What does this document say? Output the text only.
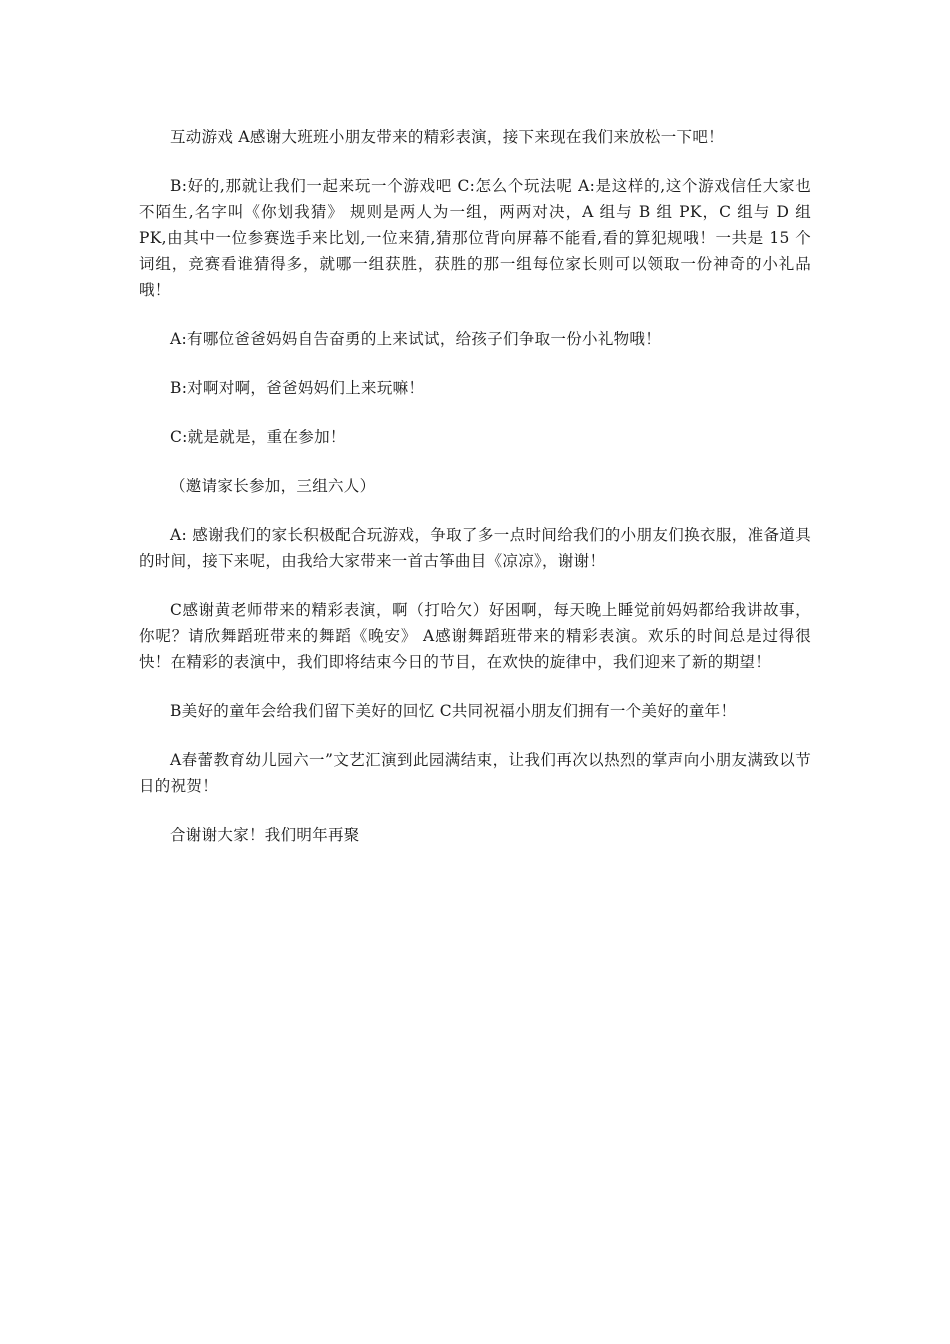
互动游戏 A感谢大班班小朋友带来的精彩表演，接下来现在我们来放松一下吧！

B:好的,那就让我们一起来玩一个游戏吧 C:怎么个玩法呢 A:是这样的,这个游戏信任大家也不陌生,名字叫《你划我猜》 规则是两人为一组，两两对决，A 组与 B 组 PK，C 组与 D 组 PK,由其中一位参赛选手来比划,一位来猜,猜那位背向屏幕不能看,看的算犯规哦！一共是 15 个词组，竞赛看谁猜得多，就哪一组获胜，获胜的那一组每位家长则可以领取一份神奇的小礼品哦！

A:有哪位爸爸妈妈自告奋勇的上来试试，给孩子们争取一份小礼物哦！

B:对啊对啊，爸爸妈妈们上来玩嘛！

C:就是就是，重在参加！

（邀请家长参加，三组六人）

A: 感谢我们的家长积极配合玩游戏，争取了多一点时间给我们的小朋友们换衣服，准备道具的时间，接下来呢，由我给大家带来一首古筝曲目《凉凉》，谢谢！

C感谢黄老师带来的精彩表演，啊（打哈欠）好困啊，每天晚上睡觉前妈妈都给我讲故事，你呢？请欣舞蹈班带来的舞蹈《晚安》 A感谢舞蹈班带来的精彩表演。欢乐的时间总是过得很快！在精彩的表演中，我们即将结束今日的节目，在欢快的旋律中，我们迎来了新的期望！

B美好的童年会给我们留下美好的回忆 C共同祝福小朋友们拥有一个美好的童年！

A春蕾教育幼儿园六一”文艺汇演到此园满结束，让我们再次以热烈的掌声向小朋友满致以节日的祝贺！

合谢谢大家！我们明年再聚
